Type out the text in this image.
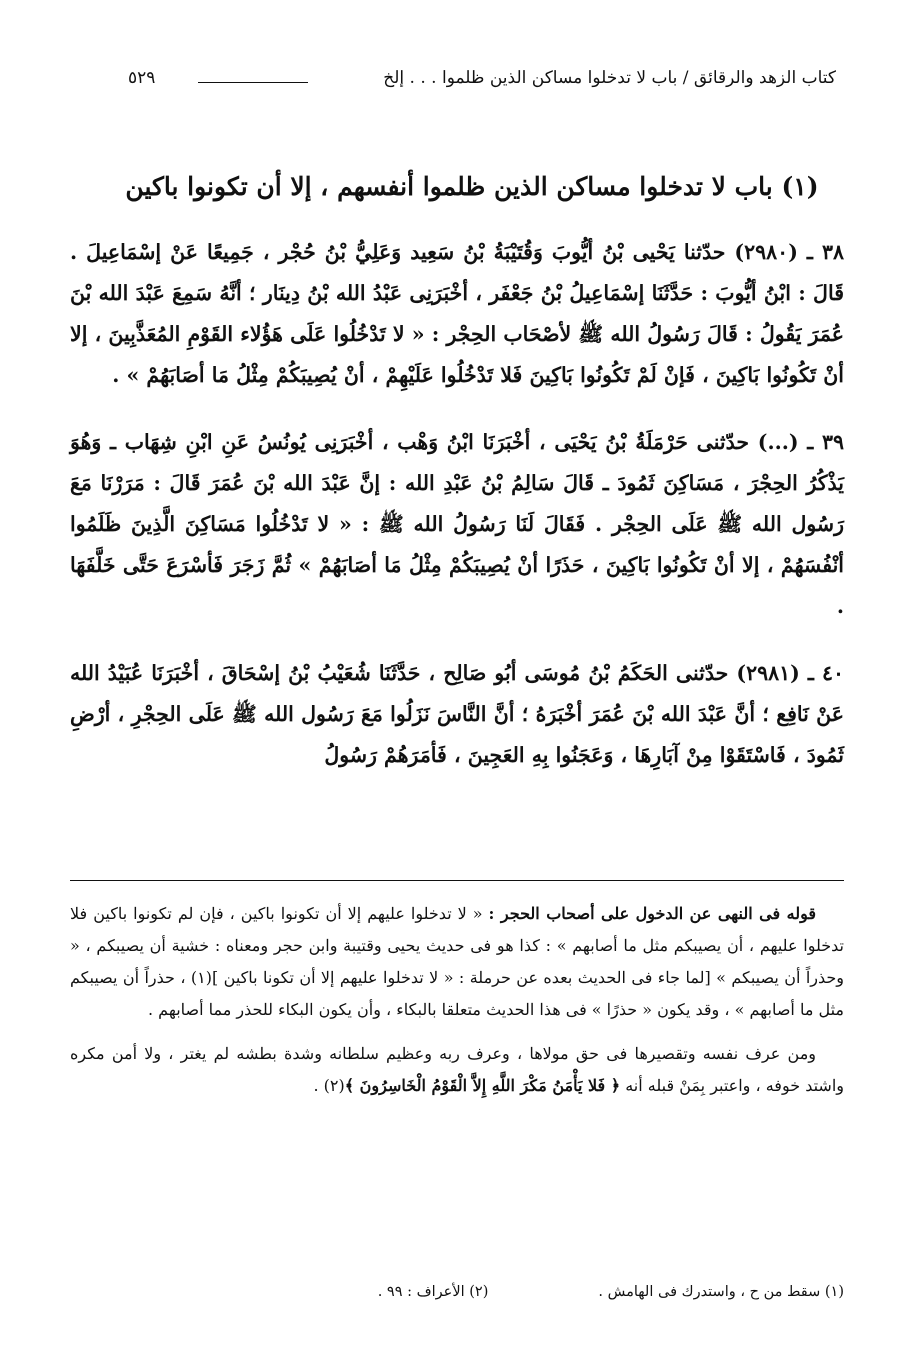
كتاب الزهد والرقائق / باب لا تدخلوا مساكن الذين ظلموا . . . إلخ
٥٢٩
(١) باب لا تدخلوا مساكن الذين ظلموا أنفسهم ، إلا أن تكونوا باكين

٣٨ ـ (٢٩٨٠) حدّثنا يَحْيى بْنُ أيُّوبَ وَقُتَيْبَةُ بْنُ سَعِيد وَعَلِيُّ بْنُ حُجْر ، جَمِيعًا عَنْ إسْمَاعِيلَ . قَالَ : ابْنُ أيُّوبَ : حَدَّثَنَا إسْمَاعِيلُ بْنُ جَعْفَر ، أخْبَرَنِى عَبْدُ الله بْنُ دِينَار ؛ أنَّهُ سَمِعَ عَبْدَ الله بْنَ عُمَرَ يَقُولُ : قَالَ رَسُولُ الله ﷺ لأصْحَاب الحِجْر : « لا تَدْخُلُوا عَلَى هَؤُلاء القَوْمِ المُعَذَّبِينَ ، إلا أنْ تَكُونُوا بَاكِينَ ، فَإنْ لَمْ تَكُونُوا بَاكِينَ فَلا تَدْخُلُوا عَلَيْهِمْ ، أنْ يُصِيبَكُمْ مِثْلُ مَا أصَابَهُمْ » .

٣٩ ـ (...) حدّثنى حَرْمَلَةُ بْنُ يَحْيَى ، أخْبَرَنَا ابْنُ وَهْب ، أخْبَرَنِى يُونُسُ عَنِ ابْنِ شِهَاب ـ وَهُوَ يَذْكُرُ الحِجْرَ ، مَسَاكِنَ ثَمُودَ ـ قَالَ سَالِمُ بْنُ عَبْدِ الله : إنَّ عَبْدَ الله بْنَ عُمَرَ قَالَ : مَرَرْنَا مَعَ رَسُول الله ﷺ عَلَى الحِجْر . فَقَالَ لَنَا رَسُولُ الله ﷺ : « لا تَدْخُلُوا مَسَاكِنَ الَّذِينَ ظَلَمُوا أنْفُسَهُمْ ، إلا أنْ تَكُونُوا بَاكِينَ ، حَذَرًا أنْ يُصِيبَكُمْ مِثْلُ مَا أصَابَهُمْ » ثُمَّ زَجَرَ فَأسْرَعَ حَتَّى خَلَّفَهَا .

٤٠ ـ (٢٩٨١) حدّثنى الحَكَمُ بْنُ مُوسَى أبُو صَالِح ، حَدَّثَنَا شُعَيْبُ بْنُ إسْحَاقَ ، أخْبَرَنَا عُبَيْدُ الله عَنْ نَافِع ؛ أنَّ عَبْدَ الله بْنَ عُمَرَ أخْبَرَهُ ؛ أنَّ النَّاسَ نَزَلُوا مَعَ رَسُول الله ﷺ عَلَى الحِجْرِ ، أرْضِ ثَمُودَ ، فَاسْتَقَوْا مِنْ آبَارِهَا ، وَعَجَنُوا بِهِ العَجِينَ ، فَأمَرَهُمْ رَسُولُ

قوله فى النهى عن الدخول على أصحاب الحجر : « لا تدخلوا عليهم إلا أن تكونوا باكين ، فإن لم تكونوا باكين فلا تدخلوا عليهم ، أن يصيبكم مثل ما أصابهم » : كذا هو فى حديث يحيى وقتيبة وابن حجر ومعناه : خشية أن يصيبكم ، « وحذراً أن يصيبكم » [لما جاء فى الحديث بعده عن حرملة : « لا تدخلوا عليهم إلا أن تكونا باكين ](١) ، حذراً أن يصيبكم مثل ما أصابهم » ، وقد يكون « حذرًا » فى هذا الحديث متعلقا بالبكاء ، وأن يكون البكاء للحذر مما أصابهم .

ومن عرف نفسه وتقصيرها فى حق مولاها ، وعرف ربه وعظيم سلطانه وشدة بطشه لم يغتر ، ولا أمن مكره واشتد خوفه ، واعتبر بِمَنْ قبله أنه ﴿ فَلا يَأْمَنُ مَكْرَ اللَّهِ إِلاَّ الْقَوْمُ الْخَاسِرُونَ ﴾(٢) .

(١) سقط من ح ، واستدرك فى الهامش .
(٢) الأعراف : ٩٩ .
